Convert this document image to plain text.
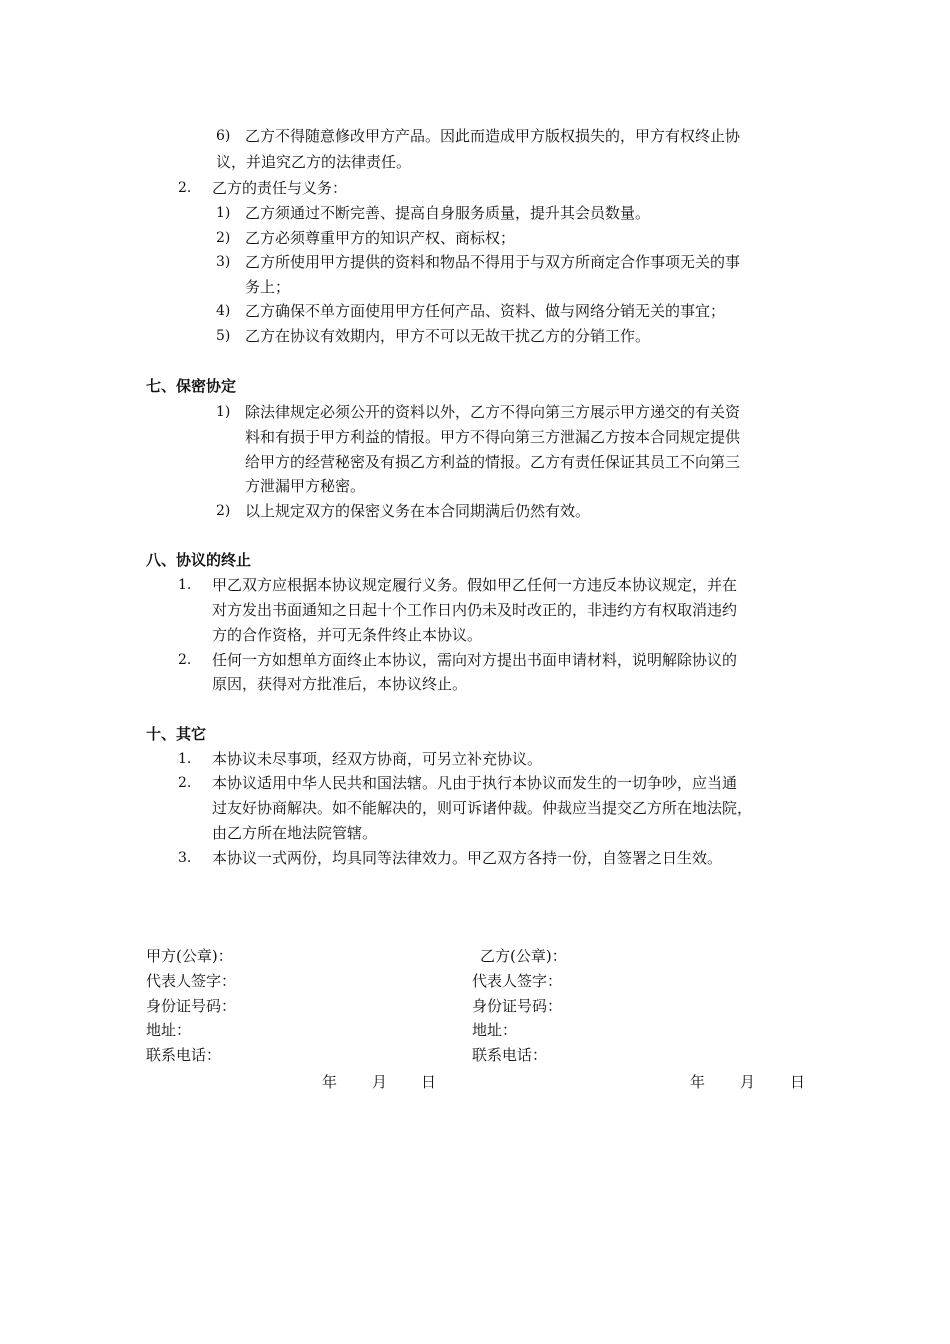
6) 乙方不得随意修改甲方产品。因此而造成甲方版权损失的，甲方有权终止协
议，并追究乙方的法律责任。
2. 乙方的责任与义务：
1) 乙方须通过不断完善、提高自身服务质量，提升其会员数量。
2) 乙方必须尊重甲方的知识产权、商标权；
3) 乙方所使用甲方提供的资料和物品不得用于与双方所商定合作事项无关的事
务上；
4) 乙方确保不单方面使用甲方任何产品、资料、做与网络分销无关的事宜；
5) 乙方在协议有效期内，甲方不可以无故干扰乙方的分销工作。
七、保密协定
1) 除法律规定必须公开的资料以外，乙方不得向第三方展示甲方递交的有关资
料和有损于甲方利益的情报。甲方不得向第三方泄漏乙方按本合同规定提供
给甲方的经营秘密及有损乙方利益的情报。乙方有责任保证其员工不向第三
方泄漏甲方秘密。
2) 以上规定双方的保密义务在本合同期满后仍然有效。
八、协议的终止
1. 甲乙双方应根据本协议规定履行义务。假如甲乙任何一方违反本协议规定，并在
对方发出书面通知之日起十个工作日内仍未及时改正的，非违约方有权取消违约
方的合作资格，并可无条件终止本协议。
2. 任何一方如想单方面终止本协议，需向对方提出书面申请材料，说明解除协议的
原因，获得对方批准后，本协议终止。
十、其它
1. 本协议未尽事项，经双方协商，可另立补充协议。
2. 本协议适用中华人民共和国法辖。凡由于执行本协议而发生的一切争吵，应当通
过友好协商解决。如不能解决的，则可诉诸仲裁。仲裁应当提交乙方所在地法院，
由乙方所在地法院管辖。
3. 本协议一式两份，均具同等法律效力。甲乙双方各持一份，自签署之日生效。
甲方(公章)：
代表人签字：
身份证号码：
地址：
联系电话：
乙方(公章)：
代表人签字：
身份证号码：
地址：
联系电话：
年 月 日	年 月 日
